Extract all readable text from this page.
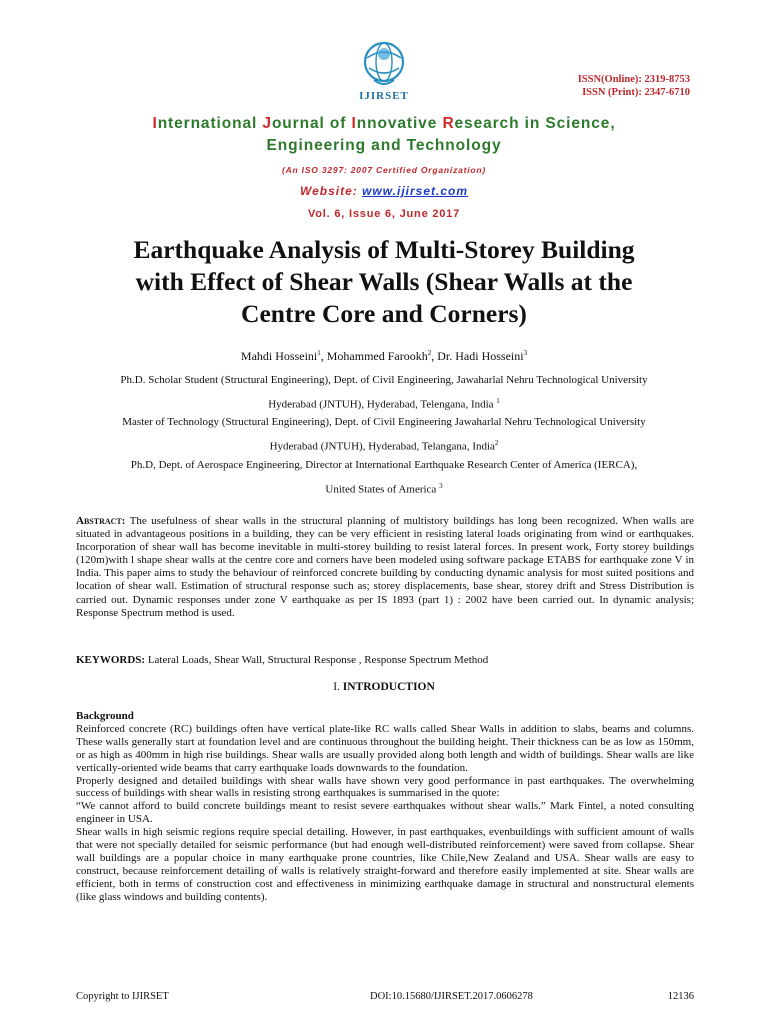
IJIRSET
ISSN(Online): 2319-8753
ISSN (Print): 2347-6710
International Journal of Innovative Research in Science,
Engineering and Technology
(An ISO 3297: 2007 Certified Organization)
Website: www.ijirset.com
Vol. 6, Issue 6, June 2017
Earthquake Analysis of Multi-Storey Building
with Effect of Shear Walls (Shear Walls at the
Centre Core and Corners)
Mahdi Hosseini$^1$, Mohammed Farookh$^2$, Dr. Hadi Hosseini$^3$
Ph.D. Scholar Student (Structural Engineering), Dept. of Civil Engineering, Jawaharlal Nehru Technological University
Hyderabad (JNTUH), Hyderabad, Telengana, India $^1$
Master of Technology (Structural Engineering), Dept. of Civil Engineering Jawaharlal Nehru Technological University
Hyderabad (JNTUH), Hyderabad, Telangana, India$^2$
Ph.D, Dept. of Aerospace Engineering, Director at International Earthquake Research Center of America (IERCA),
United States of America $^3$
Abstract: The usefulness of shear walls in the structural planning of multistory buildings has long been recognized. When walls are situated in advantageous positions in a building, they can be very efficient in resisting lateral loads originating from wind or earthquakes. Incorporation of shear wall has become inevitable in multi-storey building to resist lateral forces. In present work, Forty storey buildings (120m)with l shape shear walls at the centre core and corners have been modeled using software package ETABS for earthquake zone V in India. This paper aims to study the behaviour of reinforced concrete building by conducting dynamic analysis for most suited positions and location of shear wall. Estimation of structural response such as; storey displacements, base shear, storey drift and Stress Distribution is carried out. Dynamic responses under zone V earthquake as per IS 1893 (part 1) : 2002 have been carried out. In dynamic analysis; Response Spectrum method is used.
KEYWORDS: Lateral Loads, Shear Wall, Structural Response , Response Spectrum Method
I. INTRODUCTION

Background

Reinforced concrete (RC) buildings often have vertical plate-like RC walls called Shear Walls in addition to slabs, beams and columns. These walls generally start at foundation level and are continuous throughout the building height. Their thickness can be as low as 150mm, or as high as 400mm in high rise buildings. Shear walls are usually provided along both length and width of buildings. Shear walls are like vertically-oriented wide beams that carry earthquake loads downwards to the foundation.

Properly designed and detailed buildings with shear walls have shown very good performance in past earthquakes. The overwhelming success of buildings with shear walls in resisting strong earthquakes is summarised in the quote:

“We cannot afford to build concrete buildings meant to resist severe earthquakes without shear walls.” Mark Fintel, a noted consulting engineer in USA.

Shear walls in high seismic regions require special detailing. However, in past earthquakes, evenbuildings with sufficient amount of walls that were not specially detailed for seismic performance (but had enough well-distributed reinforcement) were saved from collapse. Shear wall buildings are a popular choice in many earthquake prone countries, like Chile,New Zealand and USA. Shear walls are easy to construct, because reinforcement detailing of walls is relatively straight-forward and therefore easily implemented at site. Shear walls are efficient, both in terms of construction cost and effectiveness in minimizing earthquake damage in structural and nonstructural elements (like glass windows and building contents).

Copyright to IJIRSET	DOI:10.15680/IJIRSET.2017.0606278	12136
